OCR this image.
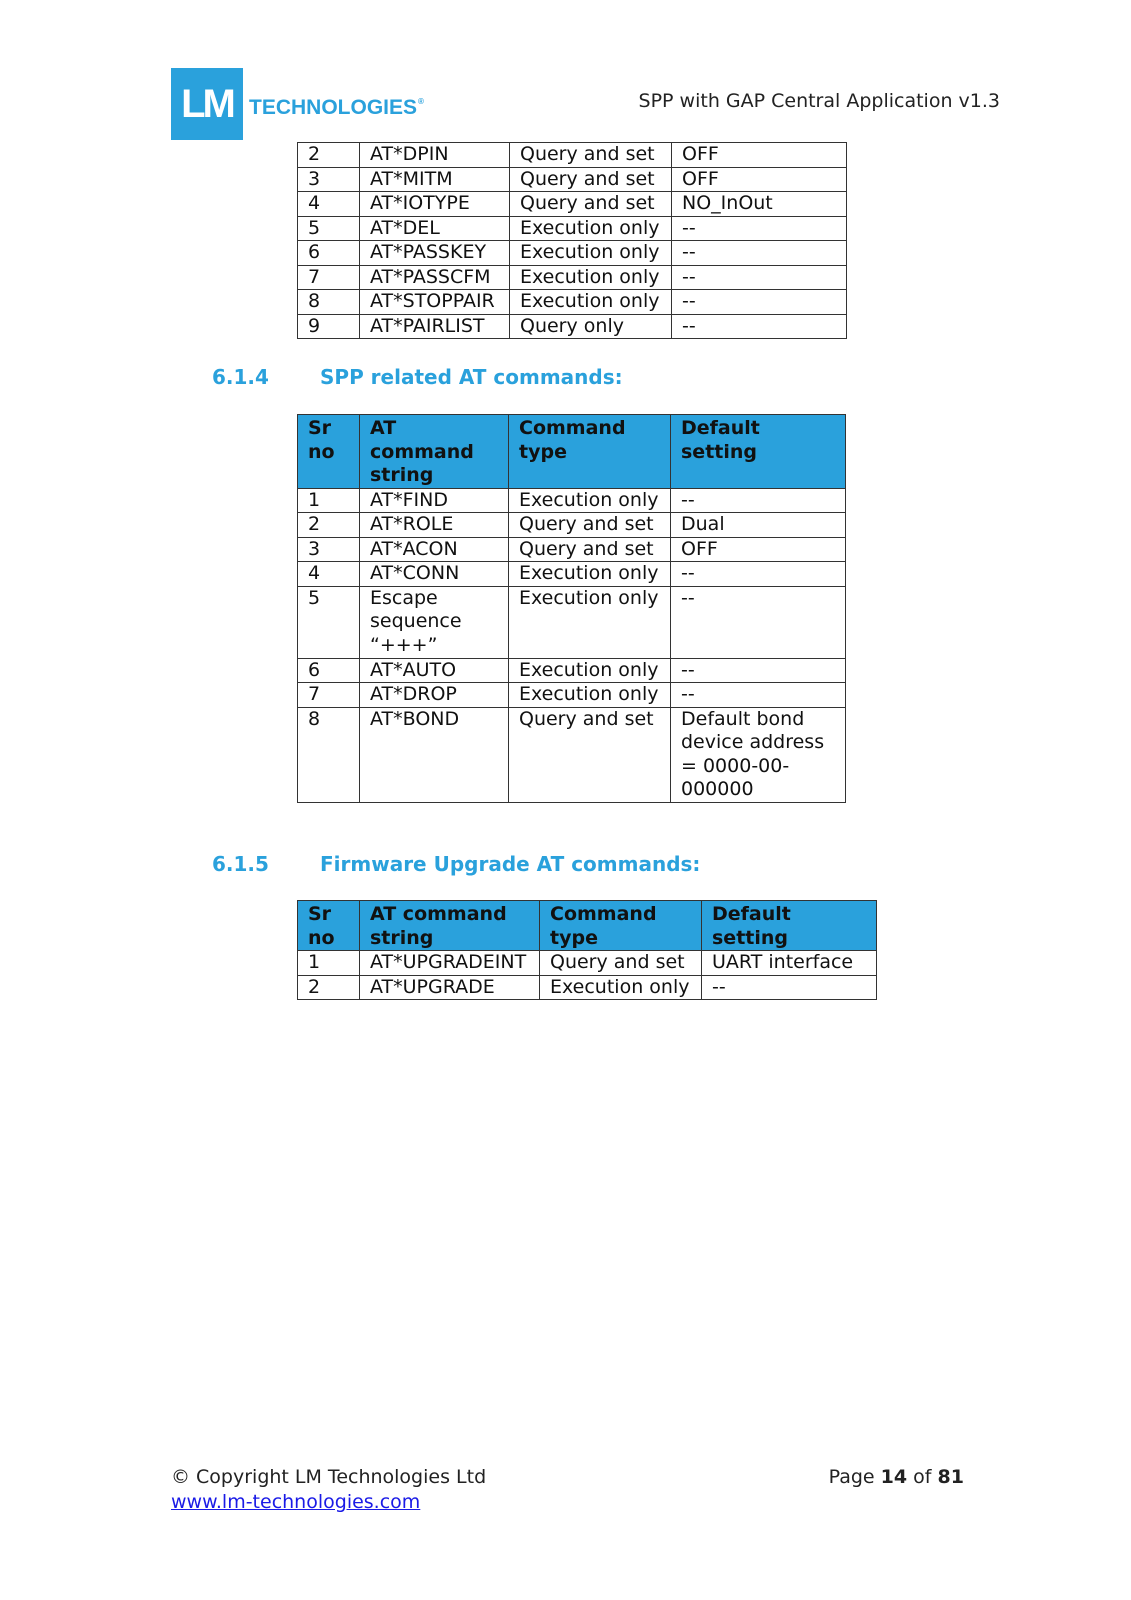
LM TECHNOLOGIES®	SPP with GAP Central Application v1.3
2	AT*DPIN	Query and set	OFF
3	AT*MITM	Query and set	OFF
4	AT*IOTYPE	Query and set	NO_InOut
5	AT*DEL	Execution only	--
6	AT*PASSKEY	Execution only	--
7	AT*PASSCFM	Execution only	--
8	AT*STOPPAIR	Execution only	--
9	AT*PAIRLIST	Query only	--
6.1.4	SPP related AT commands:
Sr no	AT command string	Command type	Default setting
1	AT*FIND	Execution only	--
2	AT*ROLE	Query and set	Dual
3	AT*ACON	Query and set	OFF
4	AT*CONN	Execution only	--
5	Escape sequence “+++”	Execution only	--
6	AT*AUTO	Execution only	--
7	AT*DROP	Execution only	--
8	AT*BOND	Query and set	Default bond device address = 0000-00-000000
6.1.5	Firmware Upgrade AT commands:
Sr no	AT command string	Command type	Default setting
1	AT*UPGRADEINT	Query and set	UART interface
2	AT*UPGRADE	Execution only	--
© Copyright LM Technologies Ltd
www.lm-technologies.com
Page 14 of 81
